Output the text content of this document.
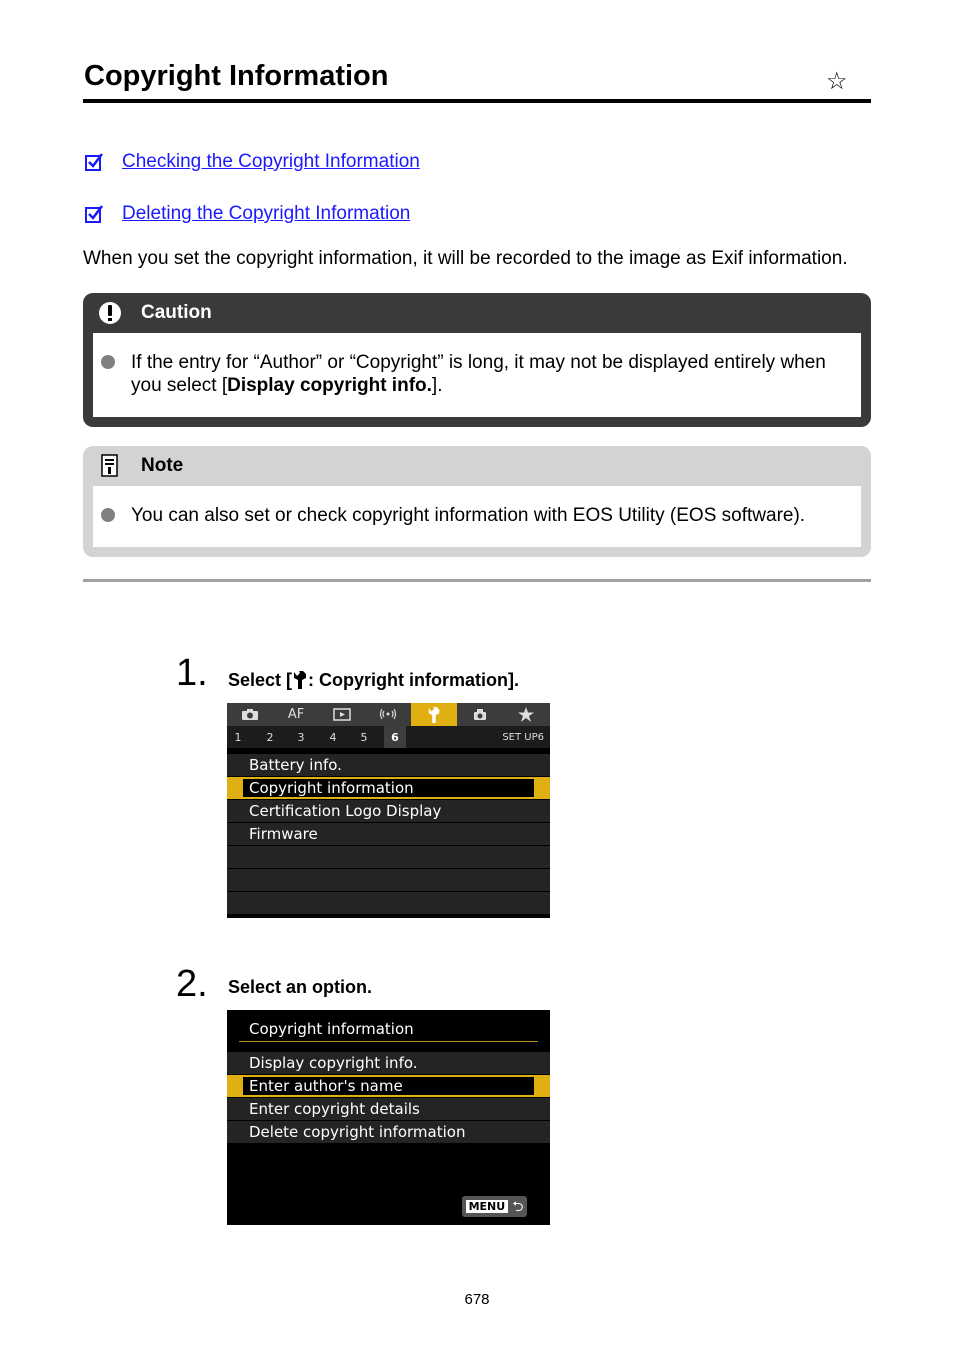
Copyright Information	☆
Checking the Copyright Information
Deleting the Copyright Information
When you set the copyright information, it will be recorded to the image as Exif information.
Caution
If the entry for “Author” or “Copyright” is long, it may not be displayed entirely when you select [Display copyright info.].
Note
You can also set or check copyright information with EOS Utility (EOS software).
1. Select [ : Copyright information].
AF
1	2	3	4	5	6	SET UP6
Battery info.
Copyright information
Certification Logo Display
Firmware
2. Select an option.
Copyright information
Display copyright info.
Enter author's name
Enter copyright details
Delete copyright information
MENU ⮌
678
